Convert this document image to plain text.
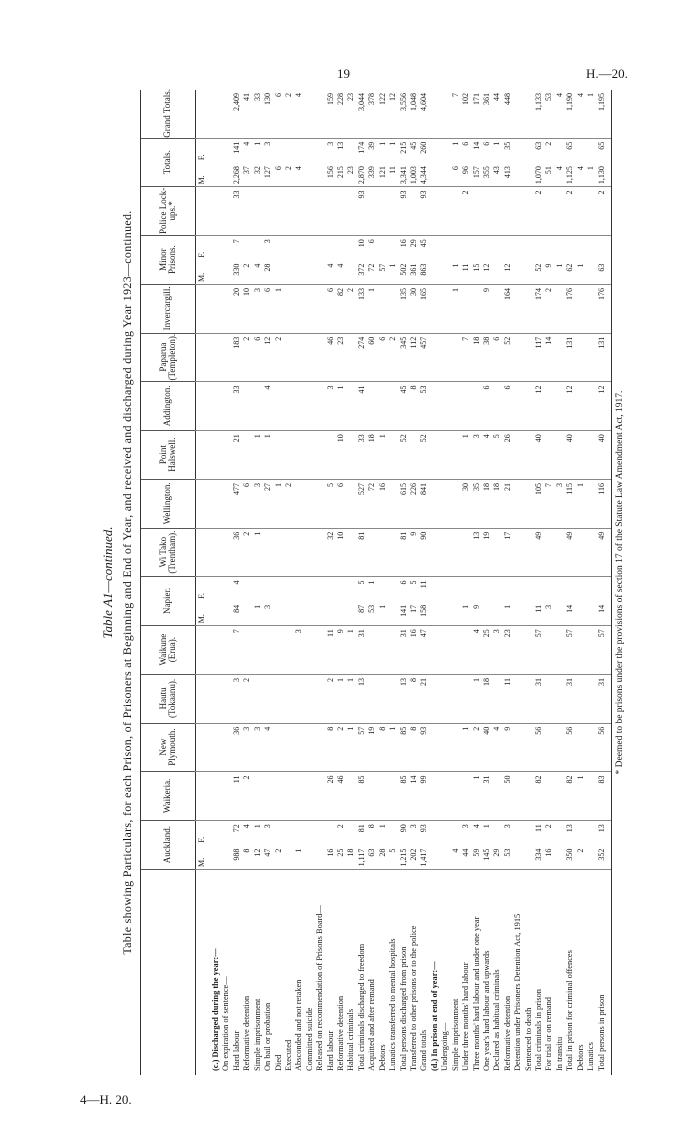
19	H.—20.
4—H. 20.
Table A1—continued. Table showing Particulars, for each Prison, of Prisoners at Beginning and End of Year, and received and discharged during Year 1923—continued.	Auckland.
Waikeria.
New Plymouth.
Hautu (Tokaanu).
Waikune (Erua).
Napier.
Wi Tako (Trentham).
Wellington.
Point Halswell.
Addington.
Paparua (Templeton).
Invercargill.
Minor Prisons.
Police Lock-ups.*
Totals.
Grand Totals.
M.
F.
M.
F.
M.
F.
M.
F.
(c.) Discharged during the year:— On expiration of sentence— Hard labour
988
72
11
36
3
7
84
4
36
477
21
33
183
20
330
7
33
2,268
141
2,409
Reformative detention
8
4
2
3
2
2
6
2
10
2
37
4
41
Simple imprisonment
12
1
3
1
1
3
1
6
3
4
32
1
33
On bail or probation
47
3
4
3
27
1
4
12
6
28
3
127
3
130
Died
2
1
2
1
6
6
Executed
2
2
2
Absconded and not retaken
1
3
4
4
Committed suicide Released on recommendation of Prisons Board— Hard labour
16
26
8
2
11
32
5
3
46
6
4
156
3
159
Reformative detention
25
2
46
2
1
9
10
6
10
1
23
82
4
215
13
228
Habitual criminals
18
1
1
1
2
23
23
Total criminals discharged to freedom
1,117
81
85
57
13
31
87
5
81
527
33
41
274
133
372
10
93
2,870
174
3,044
Acquitted and after remand
63
8
19
53
1
72
18
60
1
72
6
339
39
378
Debtors
28
1
8
1
16
1
6
57
121
1
122
Lunatics transferred to mental hospitals
5
1
2
1
11
1
12
Total persons discharged from prison
1,215
90
85
85
13
31
141
6
81
615
52
45
345
135
502
16
93
3,341
215
3,556
Transferred to other prisons or to the police
202
3
14
8
8
16
17
5
9
226
8
112
30
361
29
1,003
45
1,048
Grand totals
1,417
93
99
93
21
47
158
11
90
841
52
53
457
165
863
45
93
4,344
260
4,604
(d.) In prison at end of year:— Undergoing— Simple imprisonment
4
1
1
6
1
7
Under three months' hard labour
44
3
1
1
30
1
7
11
2
96
6
102
Three months' hard labour and under one year
59
4
1
2
1
4
9
13
35
3
18
15
157
14
171
One year's hard labour and upwards
145
1
31
40
18
25
19
18
4
6
38
9
12
355
6
361
Declared as habitual criminals
29
4
3
18
5
6
43
1
44
Reformative detention
53
3
50
9
11
23
1
17
21
26
6
52
164
12
413
35
448
Detention under Prisoners Detention Act, 1915 Sentenced to death Total criminals in prison
334
11
82
56
31
57
11
49
105
40
12
117
174
52
2
1,070
63
1,133
For trial or on remand
16
2
3
7
14
2
9
51
2
53
In transitu
3
1
4
4
Total in prison for criminal offences
350
13
82
56
31
57
14
49
115
40
12
131
176
62
2
1,125
65
1,190
Debtors
2
1
1
1
4
4
Lunatics
1
1
Total persons in prison
352
13
83
56
31
57
14
49
116
40
12
131
176
63
2
1,130
65
1,195
* Deemed to be prisons under the provisions of section 17 of the Statute Law Amendment Act, 1917.
